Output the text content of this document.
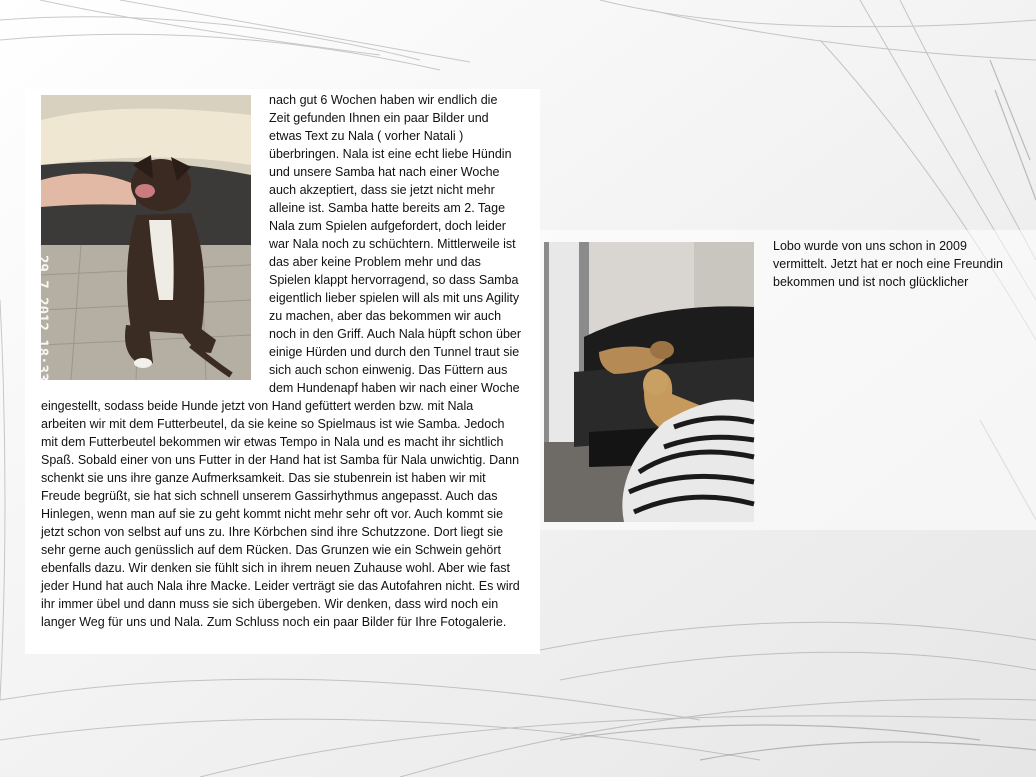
29.7.2012 18:33
nach gut 6 Wochen haben wir endlich die Zeit gefunden Ihnen ein paar Bilder und etwas Text zu Nala ( vorher Natali ) überbringen. Nala ist eine echt liebe Hündin und unsere Samba hat nach einer Woche auch akzeptiert, dass sie jetzt nicht mehr alleine ist. Samba hatte bereits am 2. Tage Nala zum Spielen aufgefordert, doch leider war Nala noch zu schüchtern. Mittlerweile ist das aber keine Problem mehr und das Spielen klappt hervorragend, so dass Samba eigentlich lieber spielen will als mit uns Agility zu machen, aber das bekommen wir auch noch in den Griff. Auch Nala hüpft schon über einige Hürden und durch den Tunnel traut sie sich auch schon einwenig. Das Füttern aus dem Hundenapf haben wir nach einer Woche eingestellt, sodass beide Hunde jetzt von Hand gefüttert werden bzw. mit Nala arbeiten wir mit dem Futterbeutel, da sie keine so Spielmaus ist wie Samba. Jedoch mit dem Futterbeutel bekommen wir etwas Tempo in Nala und es macht ihr sichtlich Spaß. Sobald einer von uns Futter in der Hand hat ist Samba für Nala unwichtig. Dann schenkt sie uns ihre ganze Aufmerksamkeit. Das sie stubenrein ist haben wir mit Freude begrüßt, sie hat sich schnell unserem Gassirhythmus angepasst. Auch das Hinlegen, wenn man auf sie zu geht kommt nicht mehr sehr oft vor. Auch kommt sie jetzt schon von selbst auf uns zu. Ihre Körbchen sind ihre Schutzzone. Dort liegt sie sehr gerne auch genüsslich auf dem Rücken. Das Grunzen wie ein Schwein gehört ebenfalls dazu. Wir denken sie fühlt sich in ihrem neuen Zuhause wohl. Aber wie fast jeder Hund hat auch Nala ihre Macke. Leider verträgt sie das Autofahren nicht. Es wird ihr immer übel und dann muss sie sich übergeben. Wir denken, dass wird noch ein langer Weg für uns und Nala. Zum Schluss noch ein paar Bilder für Ihre Fotogalerie.
Lobo wurde von uns schon in 2009 vermittelt. Jetzt hat er noch eine Freundin bekommen und ist noch glücklicher
